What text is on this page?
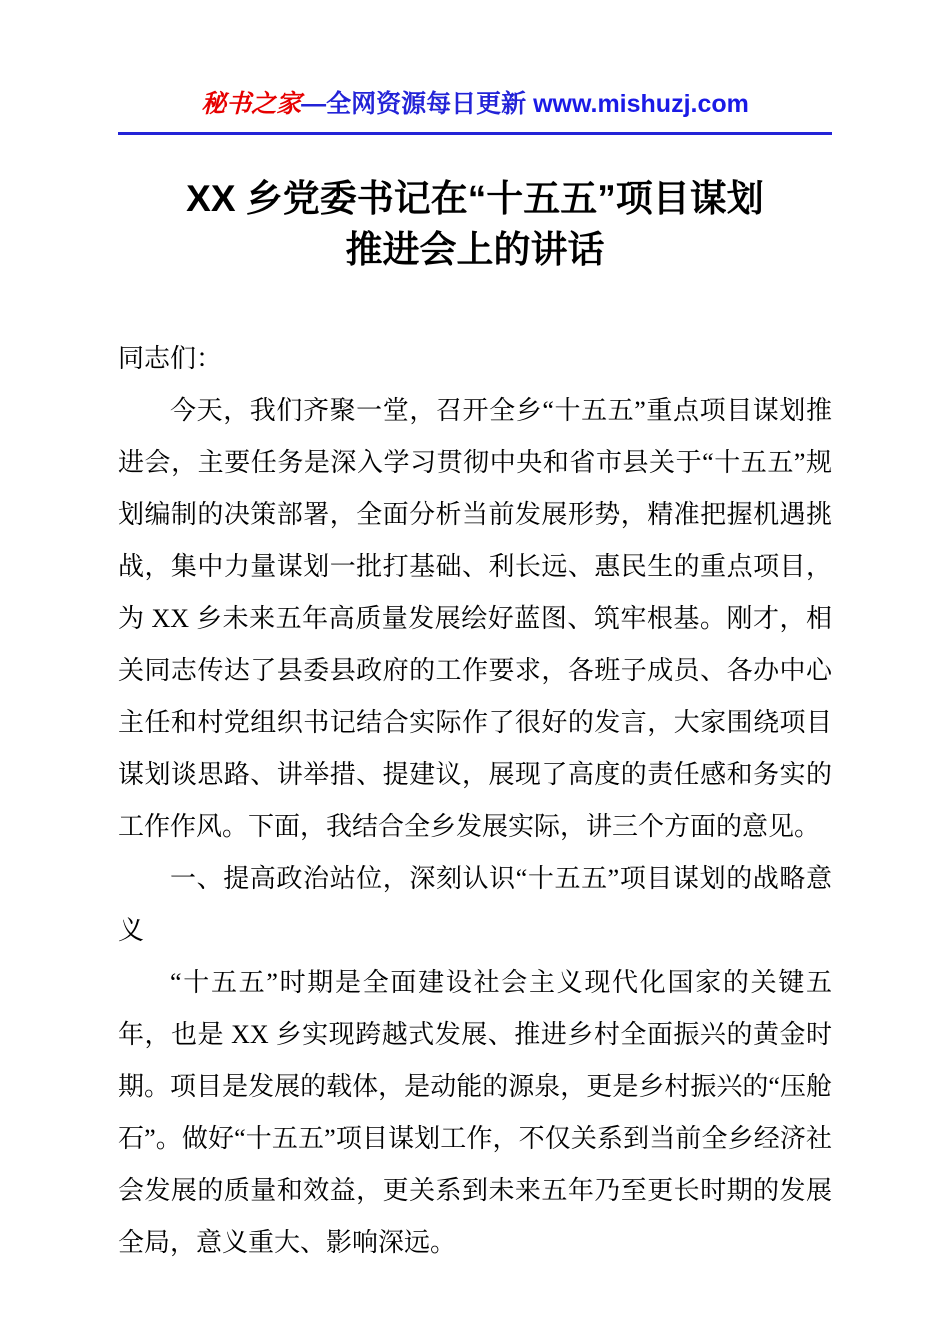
秘书之家—全网资源每日更新 www.mishuzj.com
XX 乡党委书记在“十五五”项目谋划
推进会上的讲话

同志们：

今天，我们齐聚一堂，召开全乡“十五五”重点项目谋划推进会，主要任务是深入学习贯彻中央和省市县关于“十五五”规划编制的决策部署，全面分析当前发展形势，精准把握机遇挑战，集中力量谋划一批打基础、利长远、惠民生的重点项目，为 XX 乡未来五年高质量发展绘好蓝图、筑牢根基。刚才，相关同志传达了县委县政府的工作要求，各班子成员、各办中心主任和村党组织书记结合实际作了很好的发言，大家围绕项目谋划谈思路、讲举措、提建议，展现了高度的责任感和务实的工作作风。下面，我结合全乡发展实际，讲三个方面的意见。

一、提高政治站位，深刻认识“十五五”项目谋划的战略意义

“十五五”时期是全面建设社会主义现代化国家的关键五年，也是 XX 乡实现跨越式发展、推进乡村全面振兴的黄金时期。项目是发展的载体，是动能的源泉，更是乡村振兴的“压舱石”。做好“十五五”项目谋划工作，不仅关系到当前全乡经济社会发展的质量和效益，更关系到未来五年乃至更长时期的发展全局，意义重大、影响深远。
